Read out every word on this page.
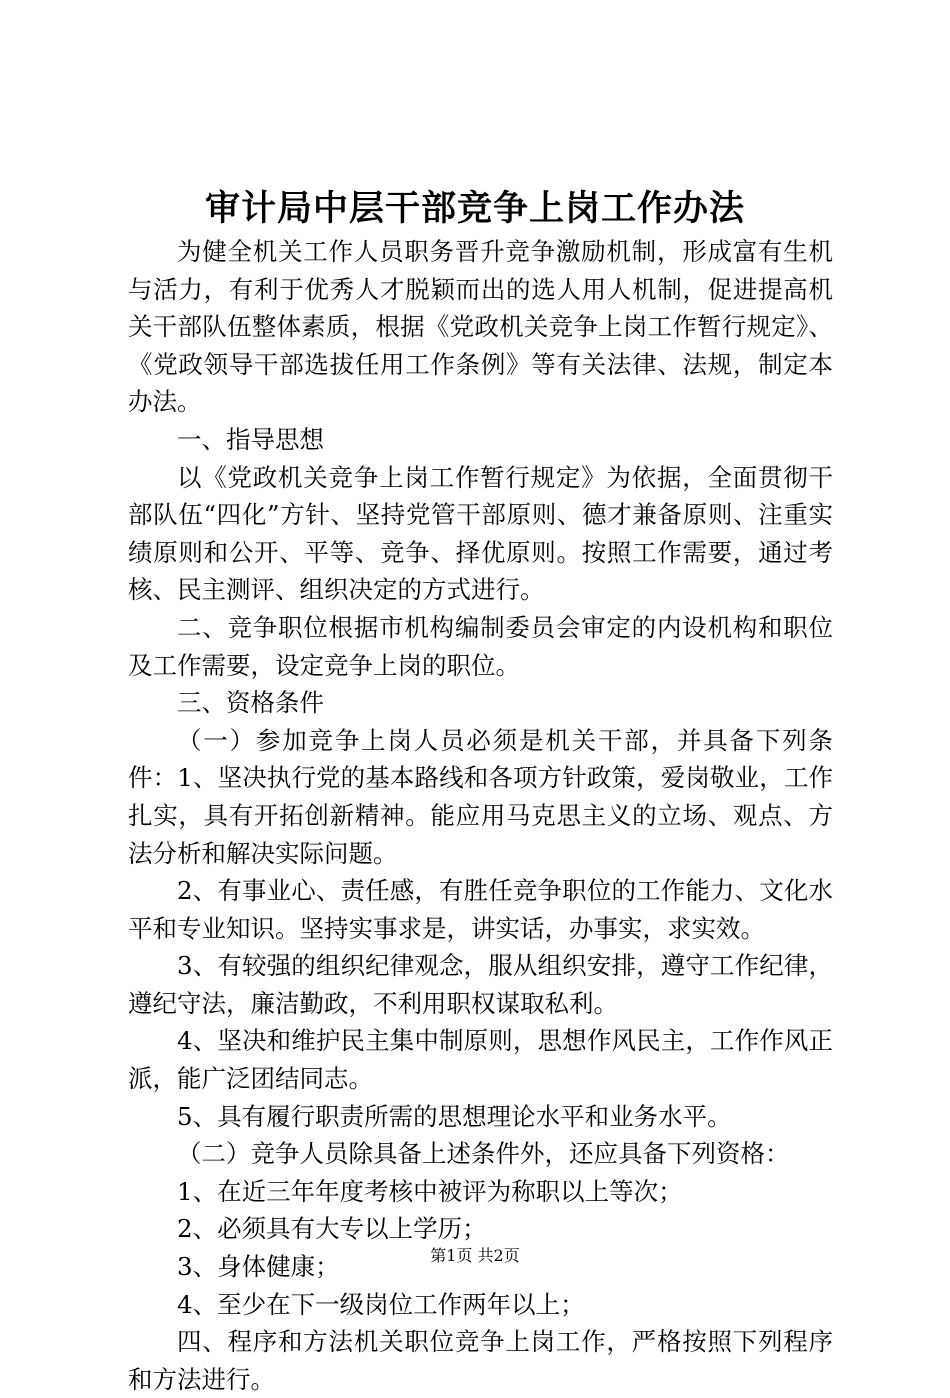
审计局中层干部竞争上岗工作办法

为健全机关工作人员职务晋升竞争激励机制，形成富有生机与活力，有利于优秀人才脱颖而出的选人用人机制，促进提高机关干部队伍整体素质，根据《党政机关竞争上岗工作暂行规定》、《党政领导干部选拔任用工作条例》等有关法律、法规，制定本办法。

一、指导思想

以《党政机关竞争上岗工作暂行规定》为依据，全面贯彻干部队伍“四化”方针、坚持党管干部原则、德才兼备原则、注重实绩原则和公开、平等、竞争、择优原则。按照工作需要，通过考核、民主测评、组织决定的方式进行。

二、竞争职位根据市机构编制委员会审定的内设机构和职位及工作需要，设定竞争上岗的职位。

三、资格条件

（一）参加竞争上岗人员必须是机关干部，并具备下列条件：1、坚决执行党的基本路线和各项方针政策，爱岗敬业，工作扎实，具有开拓创新精神。能应用马克思主义的立场、观点、方法分析和解决实际问题。

2、有事业心、责任感，有胜任竞争职位的工作能力、文化水平和专业知识。坚持实事求是，讲实话，办事实，求实效。

3、有较强的组织纪律观念，服从组织安排，遵守工作纪律，遵纪守法，廉洁勤政，不利用职权谋取私利。

4、坚决和维护民主集中制原则，思想作风民主，工作作风正派，能广泛团结同志。

5、具有履行职责所需的思想理论水平和业务水平。

（二）竞争人员除具备上述条件外，还应具备下列资格：

1、在近三年年度考核中被评为称职以上等次；

2、必须具有大专以上学历；

3、身体健康；

4、至少在下一级岗位工作两年以上；

四、程序和方法机关职位竞争上岗工作，严格按照下列程序和方法进行。

第1页 共2页
